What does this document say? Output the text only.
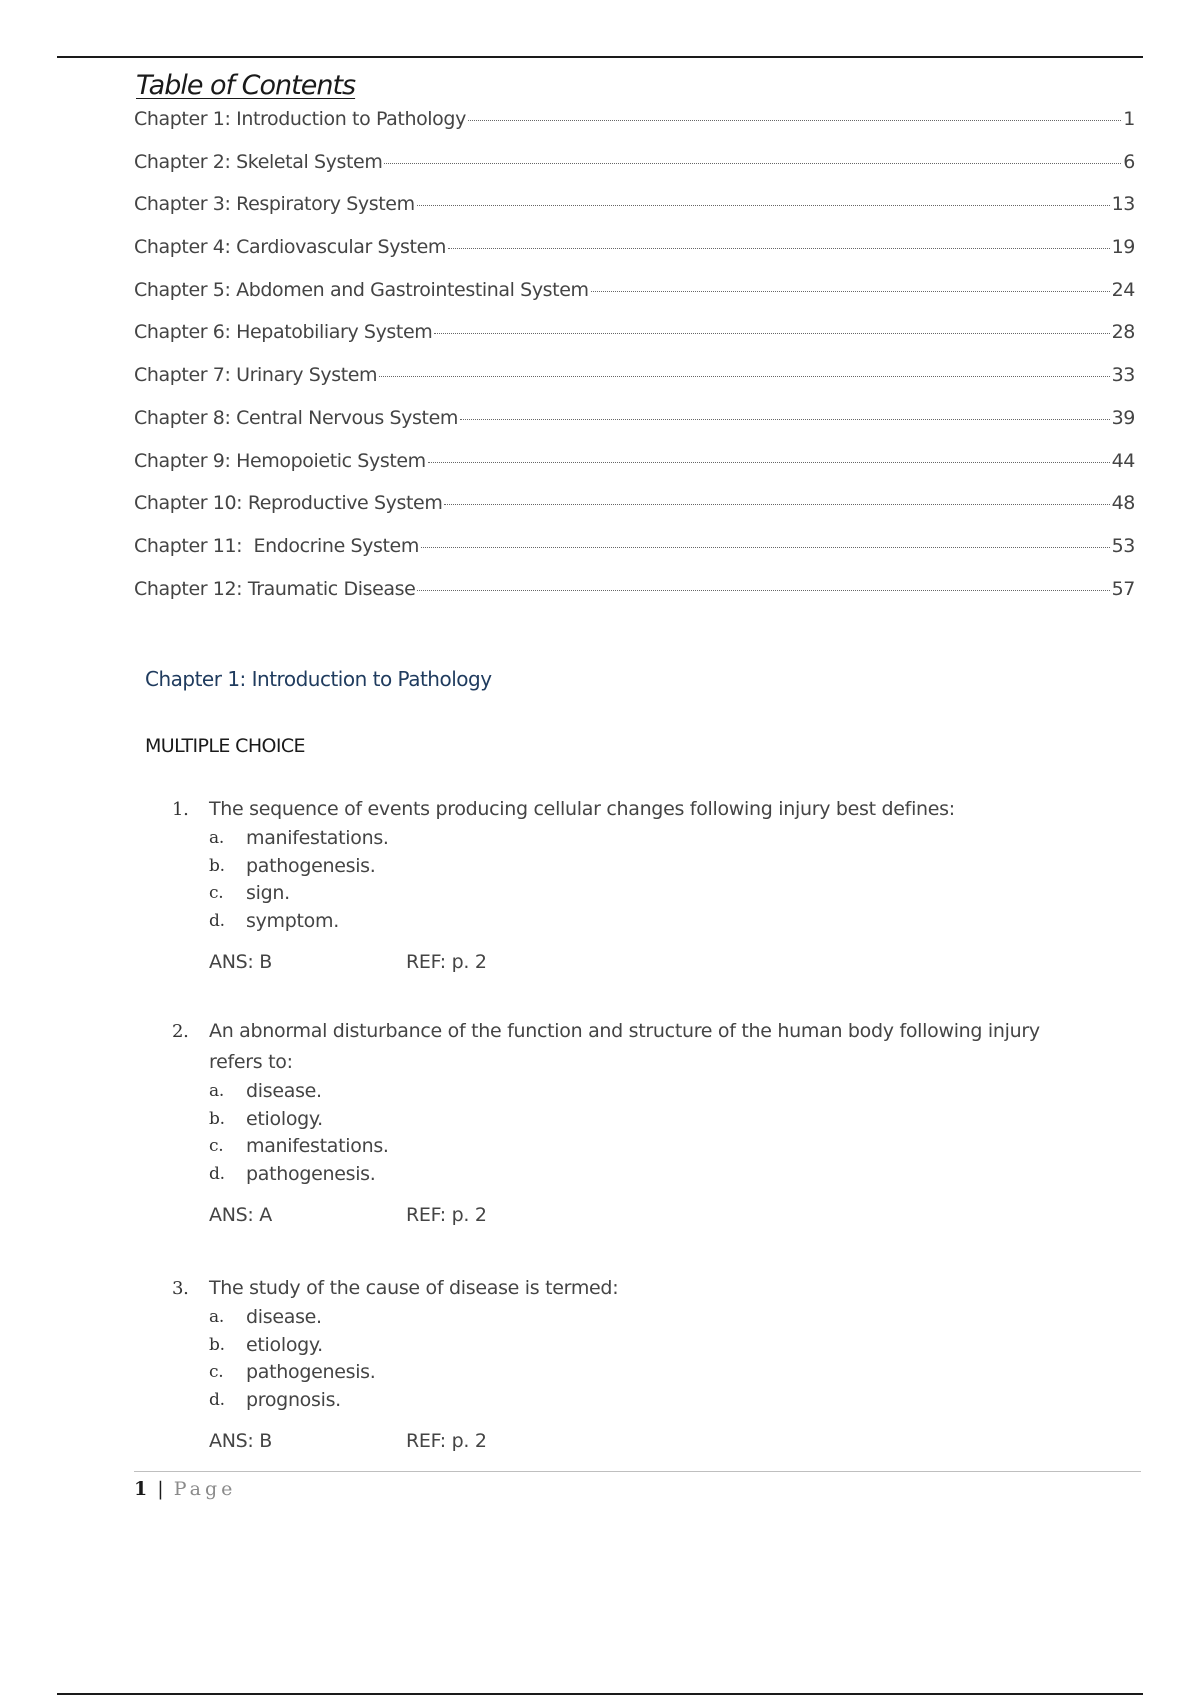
Table of Contents
Chapter 1: Introduction to Pathology	1
Chapter 2: Skeletal System	6
Chapter 3: Respiratory System	13
Chapter 4: Cardiovascular System	19
Chapter 5: Abdomen and Gastrointestinal System	24
Chapter 6: Hepatobiliary System	28
Chapter 7: Urinary System	33
Chapter 8: Central Nervous System	39
Chapter 9: Hemopoietic System	44
Chapter 10: Reproductive System	48
Chapter 11:  Endocrine System	53
Chapter 12: Traumatic Disease	57
Chapter 1: Introduction to Pathology
MULTIPLE CHOICE
1.	The sequence of events producing cellular changes following injury best defines:
a.	manifestations.
b.	pathogenesis.
c.	sign.
d.	symptom.
ANS: B	REF: p. 2
2.	An abnormal disturbance of the function and structure of the human body following injury refers to:
a.	disease.
b.	etiology.
c.	manifestations.
d.	pathogenesis.
ANS: A	REF: p. 2
3.	The study of the cause of disease is termed:
a.	disease.
b.	etiology.
c.	pathogenesis.
d.	prognosis.
ANS: B	REF: p. 2
1 | Page
